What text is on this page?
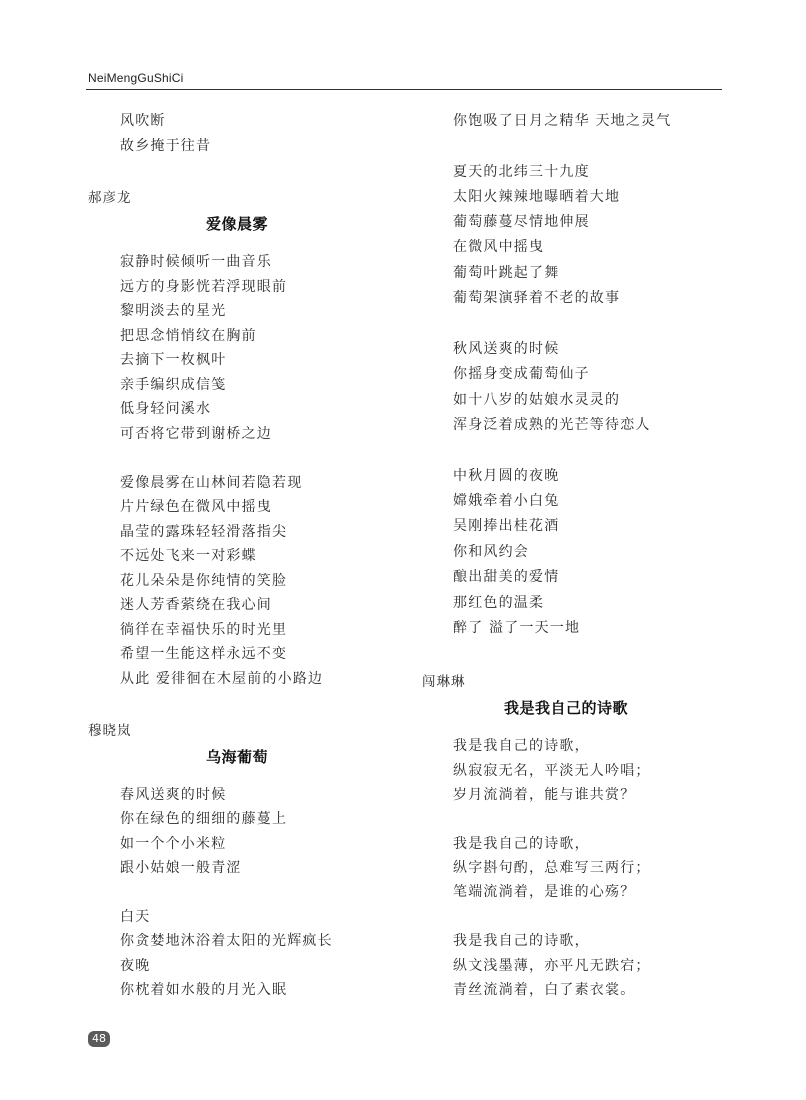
NeiMengGuShiCi
风吹断
故乡掩于往昔
郝彦龙
爱像晨雾
寂静时候倾听一曲音乐
远方的身影恍若浮现眼前
黎明淡去的星光
把思念悄悄纹在胸前
去摘下一枚枫叶
亲手编织成信笺
低身轻问溪水
可否将它带到谢桥之边
爱像晨雾在山林间若隐若现
片片绿色在微风中摇曳
晶莹的露珠轻轻滑落指尖
不远处飞来一对彩蝶
花儿朵朵是你纯情的笑脸
迷人芳香萦绕在我心间
徜徉在幸福快乐的时光里
希望一生能这样永远不变
从此 爱徘徊在木屋前的小路边
穆晓岚
乌海葡萄
春风送爽的时候
你在绿色的细细的藤蔓上
如一个个小米粒
跟小姑娘一般青涩
白天
你贪婪地沐浴着太阳的光辉疯长
夜晚
你枕着如水般的月光入眠
你饱吸了日月之精华 天地之灵气
夏天的北纬三十九度
太阳火辣辣地曝晒着大地
葡萄藤蔓尽情地伸展
在微风中摇曳
葡萄叶跳起了舞
葡萄架演驿着不老的故事
秋风送爽的时候
你摇身变成葡萄仙子
如十八岁的姑娘水灵灵的
浑身泛着成熟的光芒等待恋人
中秋月圆的夜晚
嫦娥牵着小白兔
吴刚捧出桂花酒
你和风约会
酿出甜美的爱情
那红色的温柔
醉了 溢了一天一地
闯琳琳
我是我自己的诗歌
我是我自己的诗歌，
纵寂寂无名，平淡无人吟唱；
岁月流淌着，能与谁共赏？
我是我自己的诗歌，
纵字斟句酌，总难写三两行；
笔端流淌着，是谁的心殇？
我是我自己的诗歌，
纵文浅墨薄，亦平凡无跌宕；
青丝流淌着，白了素衣裳。
48
